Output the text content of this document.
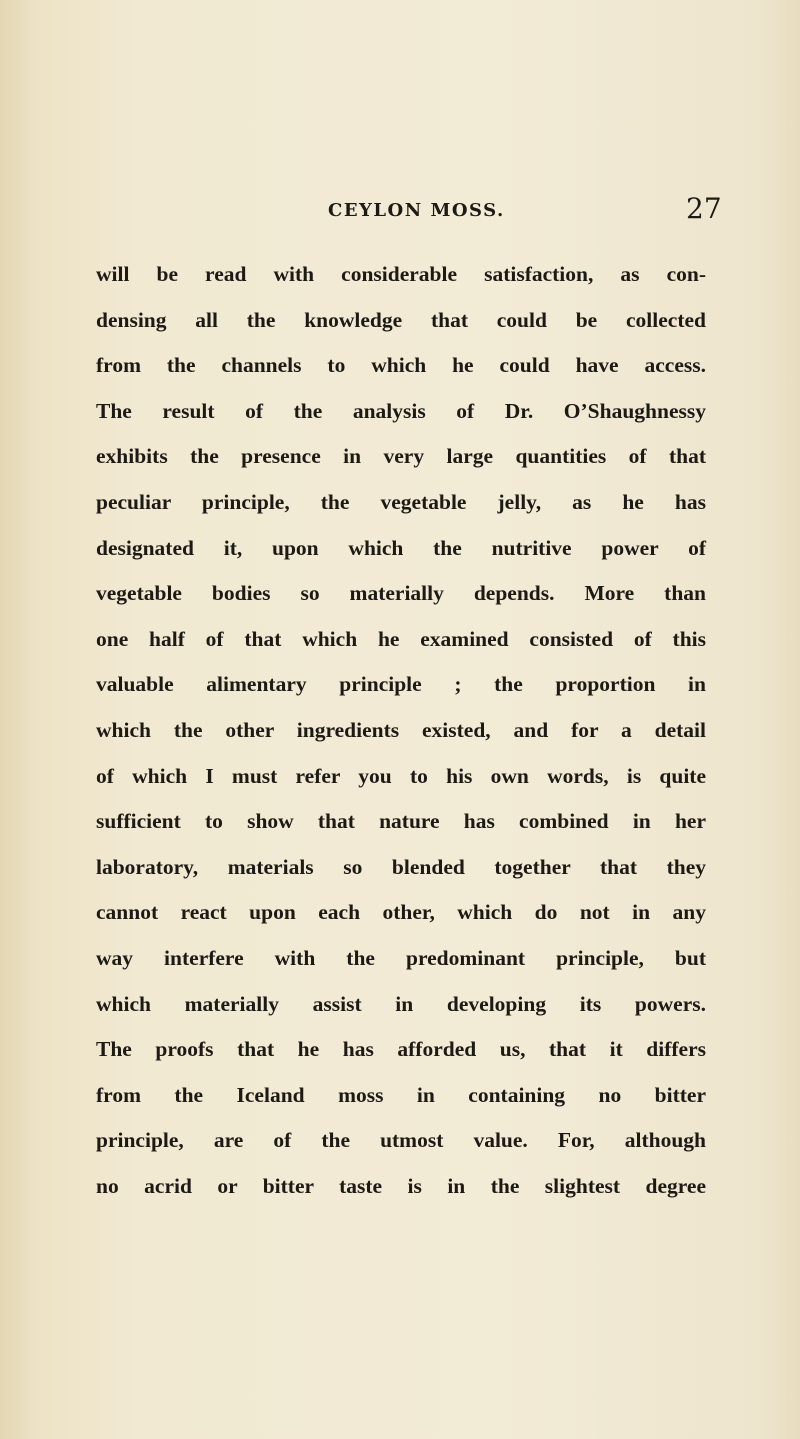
CEYLON MOSS.	27
will be read with considerable satisfaction, as con-
densing all the knowledge that could be collected
from the channels to which he could have access.
The result of the analysis of Dr. O’Shaughnessy
exhibits the presence in very large quantities of that
peculiar principle, the vegetable jelly, as he has
designated it, upon which the nutritive power of
vegetable bodies so materially depends. More than
one half of that which he examined consisted of this
valuable alimentary principle ; the proportion in
which the other ingredients existed, and for a detail
of which I must refer you to his own words, is quite
sufficient to show that nature has combined in her
laboratory, materials so blended together that they
cannot react upon each other, which do not in any
way interfere with the predominant principle, but
which materially assist in developing its powers.
The proofs that he has afforded us, that it differs
from the Iceland moss in containing no bitter
principle, are of the utmost value. For, although
no acrid or bitter taste is in the slightest degree
